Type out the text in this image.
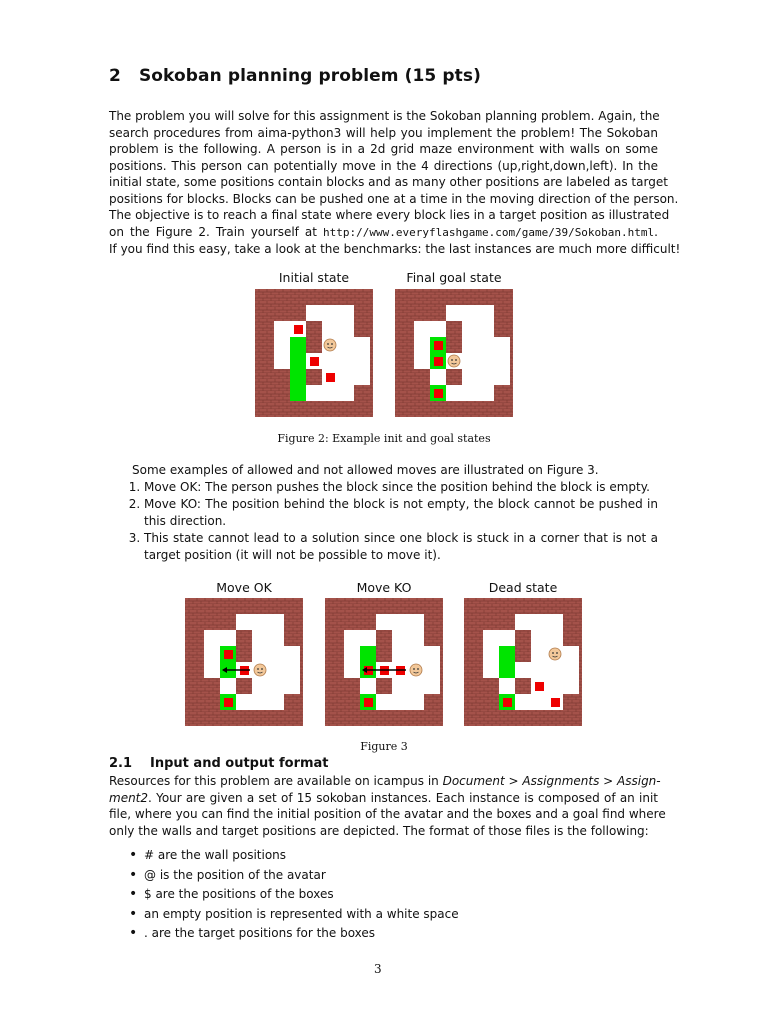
2 Sokoban planning problem (15 pts)

The problem you will solve for this assignment is the Sokoban planning problem. Again, the
search procedures from aima-python3 will help you implement the problem! The Sokoban
problem is the following. A person is in a 2d grid maze environment with walls on some
positions. This person can potentially move in the 4 directions (up,right,down,left). In the
initial state, some positions contain blocks and as many other positions are labeled as target
positions for blocks. Blocks can be pushed one at a time in the moving direction of the person.
The objective is to reach a final state where every block lies in a target position as illustrated
on the Figure 2. Train yourself at http://www.everyflashgame.com/game/39/Sokoban.html.
If you find this easy, take a look at the benchmarks: the last instances are much more difficult!

Initial state	Final goal state
Figure 2: Example init and goal states
Some examples of allowed and not allowed moves are illustrated on Figure 3.
1. Move OK: The person pushes the block since the position behind the block is empty.
2. Move KO: The position behind the block is not empty, the block cannot be pushed in this direction.
3. This state cannot lead to a solution since one block is stuck in a corner that is not a target position (it will not be possible to move it).
Move OK	Move KO	Dead state
Figure 3
2.1 Input and output format

Resources for this problem are available on icampus in Document > Assignments > Assign-
ment2. Your are given a set of 15 sokoban instances. Each instance is composed of an init
file, where you can find the initial position of the avatar and the boxes and a goal find where
only the walls and target positions are depicted. The format of those files is the following:

• # are the wall positions
• @ is the position of the avatar
• $ are the positions of the boxes
• an empty position is represented with a white space
• . are the target positions for the boxes
3
